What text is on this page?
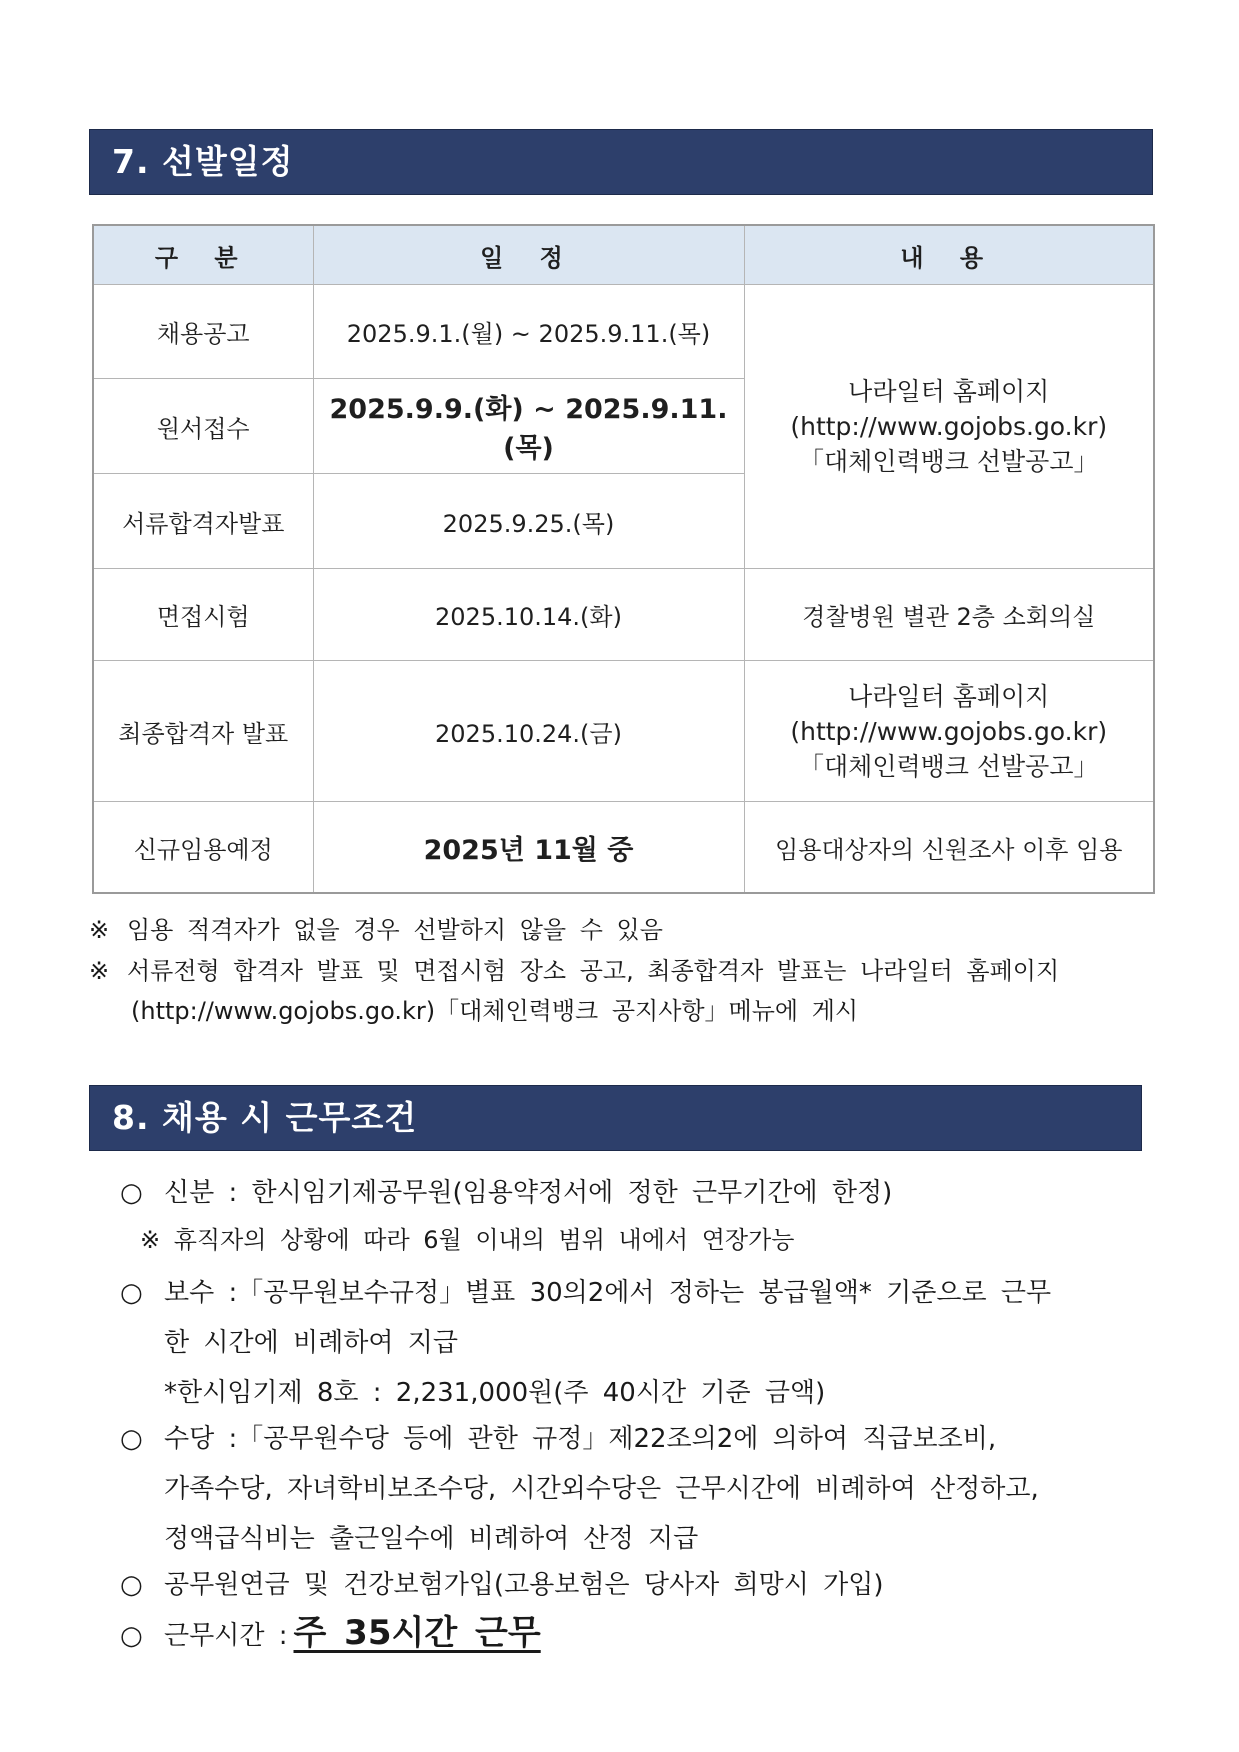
7. 선발일정
구 분	일 정	내 용
채용공고	2025.9.1.(월) ~ 2025.9.11.(목)	나라일터 홈페이지
(http://www.gojobs.go.kr)
「대체인력뱅크 선발공고」

원서접수	2025.9.9.(화) ~ 2025.9.11.(목)	
서류합격자발표	2025.9.25.(목)	
면접시험	2025.10.14.(화)	경찰병원 별관 2층 소회의실
최종합격자 발표	2025.10.24.(금)	나라일터 홈페이지
(http://www.gojobs.go.kr)
「대체인력뱅크 선발공고」

신규임용예정	2025년 11월 중	임용대상자의 신원조사 이후 임용
※ 임용 적격자가 없을 경우 선발하지 않을 수 있음
※ 서류전형 합격자 발표 및 면접시험 장소 공고, 최종합격자 발표는 나라일터 홈페이지
(http://www.gojobs.go.kr)「대체인력뱅크 공지사항」메뉴에 게시
8. 채용 시 근무조건
○ 신분 : 한시임기제공무원(임용약정서에 정한 근무기간에 한정)
※ 휴직자의 상황에 따라 6월 이내의 범위 내에서 연장가능
○ 보수 :「공무원보수규정」별표 30의2에서 정하는 봉급월액* 기준으로 근무
한 시간에 비례하여 지급
*한시임기제 8호 : 2,231,000원(주 40시간 기준 금액)
○ 수당 :「공무원수당 등에 관한 규정」제22조의2에 의하여 직급보조비,
가족수당, 자녀학비보조수당, 시간외수당은 근무시간에 비례하여 산정하고,
정액급식비는 출근일수에 비례하여 산정 지급
○ 공무원연금 및 건강보험가입(고용보험은 당사자 희망시 가입)
○ 근무시간 : 주 35시간 근무
